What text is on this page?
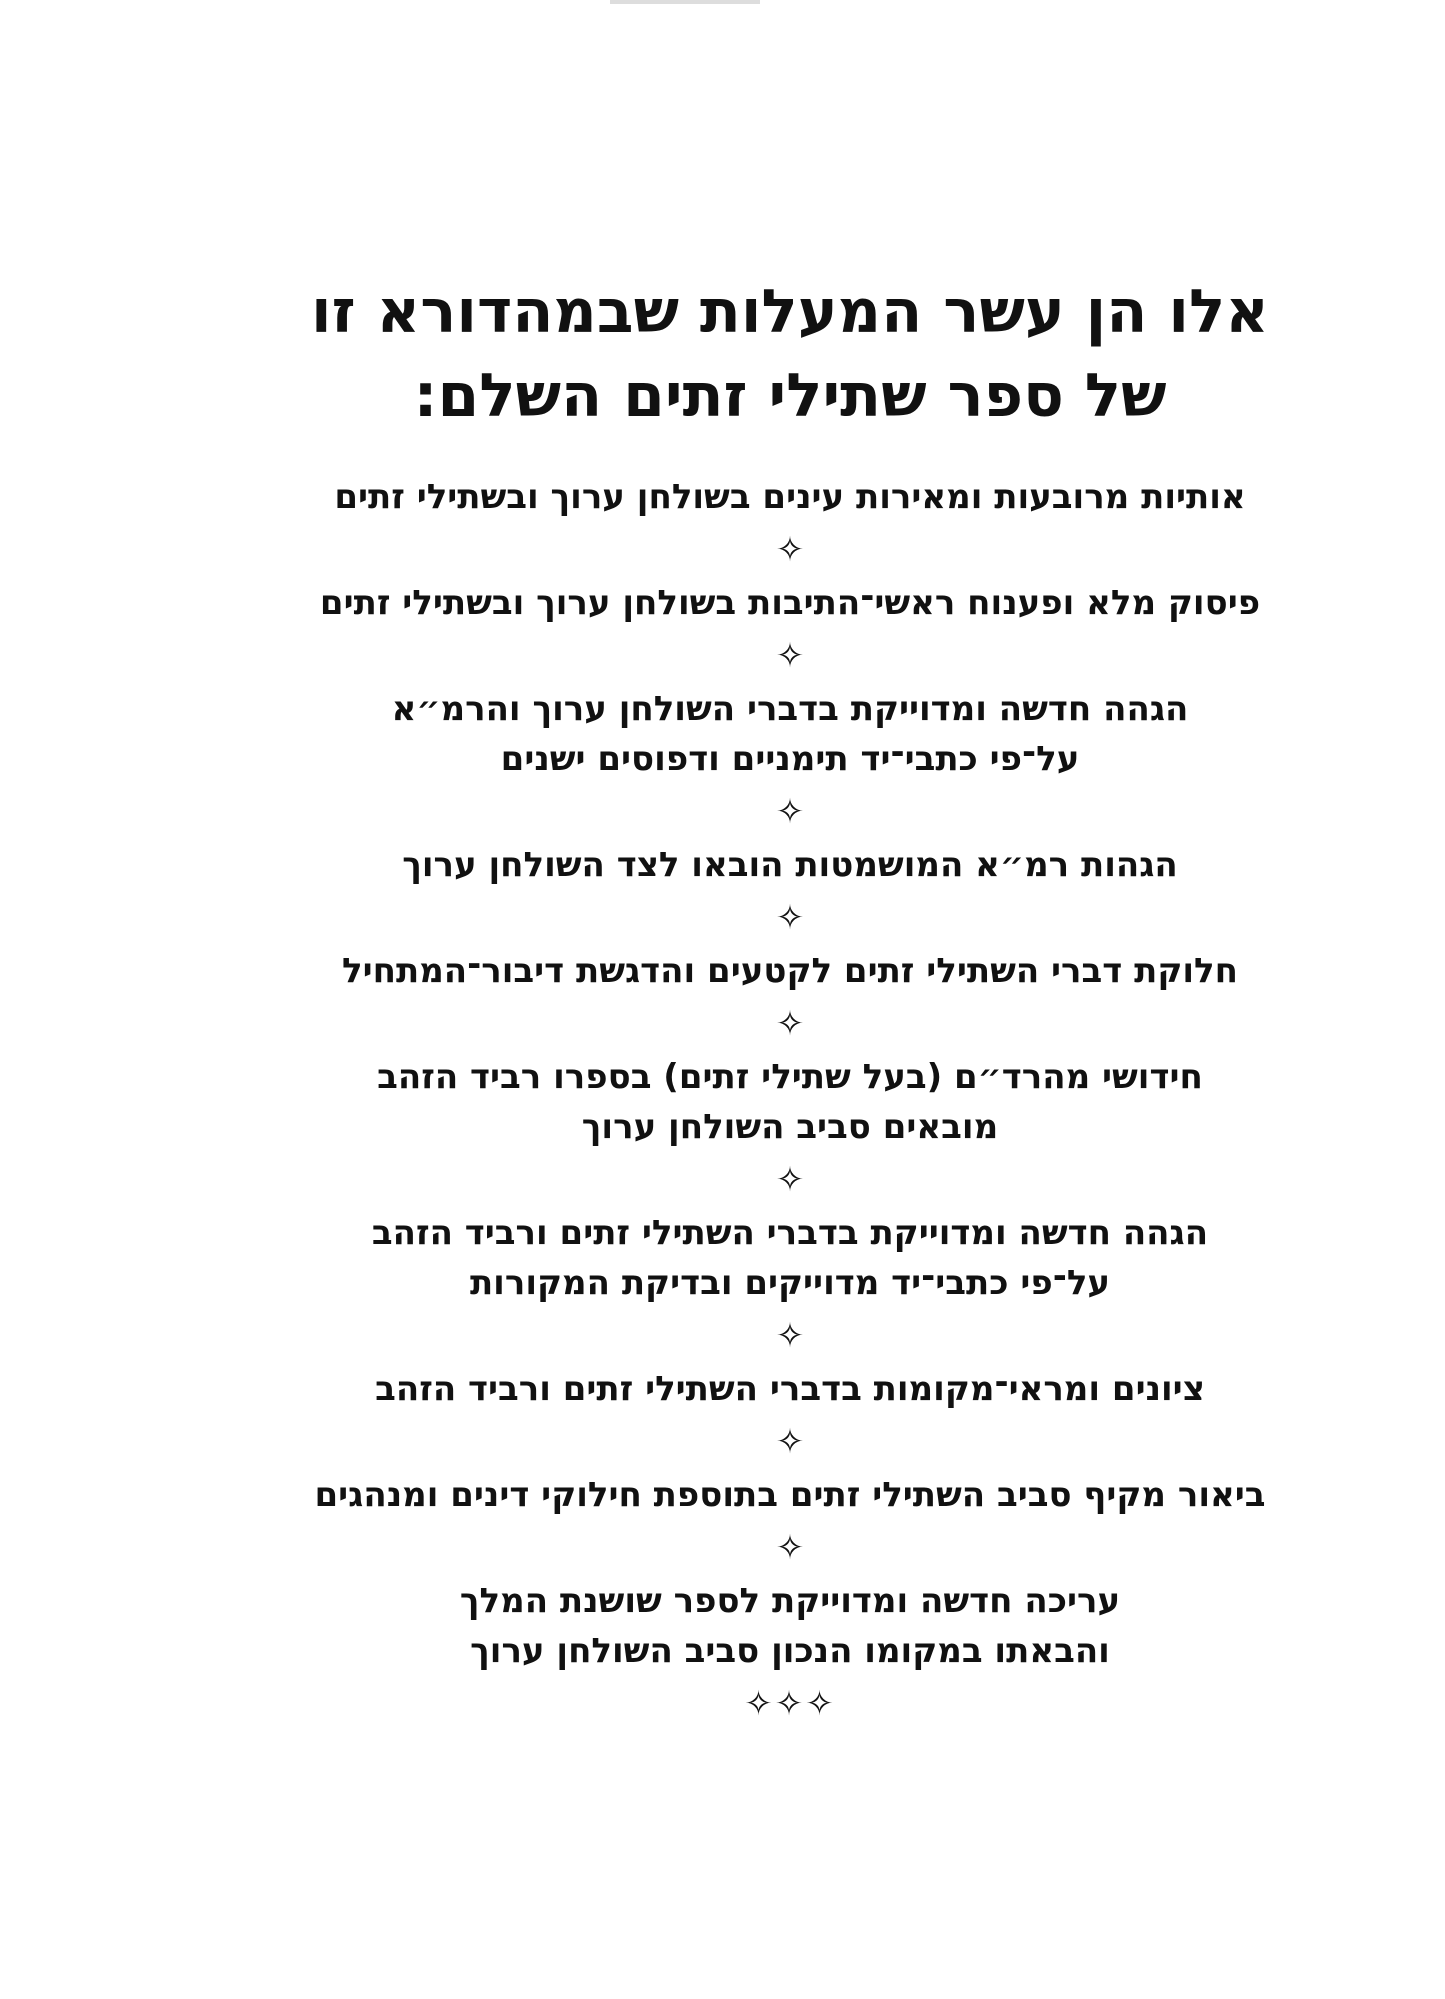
אלו הן עשר המעלות שבמהדורא זו
של ספר שתילי זתים השלם:
אותיות מרובעות ומאירות עינים בשולחן ערוך ובשתילי זתים
✧
פיסוק מלא ופענוח ראשי־התיבות בשולחן ערוך ובשתילי זתים
✧
הגהה חדשה ומדוייקת בדברי השולחן ערוך והרמ״א
על־פי כתבי־יד תימניים ודפוסים ישנים
✧
הגהות רמ״א המושמטות הובאו לצד השולחן ערוך
✧
חלוקת דברי השתילי זתים לקטעים והדגשת דיבור־המתחיל
✧
חידושי מהרד״ם (בעל שתילי זתים) בספרו רביד הזהב
מובאים סביב השולחן ערוך
✧
הגהה חדשה ומדוייקת בדברי השתילי זתים ורביד הזהב
על־פי כתבי־יד מדוייקים ובדיקת המקורות
✧
ציונים ומראי־מקומות בדברי השתילי זתים ורביד הזהב
✧
ביאור מקיף סביב השתילי זתים בתוספת חילוקי דינים ומנהגים
✧
עריכה חדשה ומדוייקת לספר שושנת המלך
והבאתו במקומו הנכון סביב השולחן ערוך
✧✧✧
